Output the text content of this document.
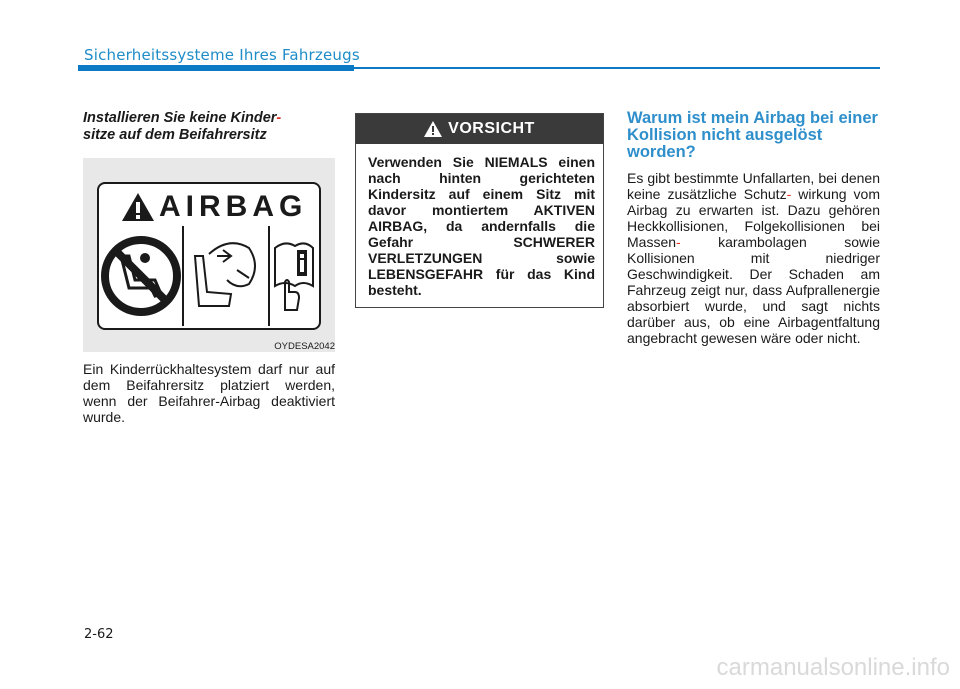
Sicherheitssysteme Ihres Fahrzeugs

Installieren Sie keine Kinder-
sitze auf dem Beifahrersitz

AIRBAG
OYDESA2042
Ein Kinderrückhaltesystem darf nur auf dem Beifahrersitz platziert werden, wenn der Beifahrer-Airbag deaktiviert wurde.
VORSICHT
Verwenden Sie NIEMALS einen nach hinten gerichteten Kindersitz auf einem Sitz mit davor montiertem AKTIVEN AIRBAG, da andernfalls die Gefahr SCHWERER VERLETZUNGEN sowie LEBENSGEFAHR für das Kind besteht.

Warum ist mein Airbag bei einer Kollision nicht ausgelöst worden?

Es gibt bestimmte Unfallarten, bei denen keine zusätzliche Schutz- wirkung vom Airbag zu erwarten ist. Dazu gehören Heckkollisionen, Folgekollisionen bei Massen-	karambolagen sowie Kollisionen mit niedriger Geschwindigkeit. Der Schaden am Fahrzeug zeigt nur, dass Aufprallenergie absorbiert wurde, und sagt nichts darüber aus, ob eine Airbagentfaltung angebracht gewesen wäre oder nicht.
2-62
carmanualsonline.info
